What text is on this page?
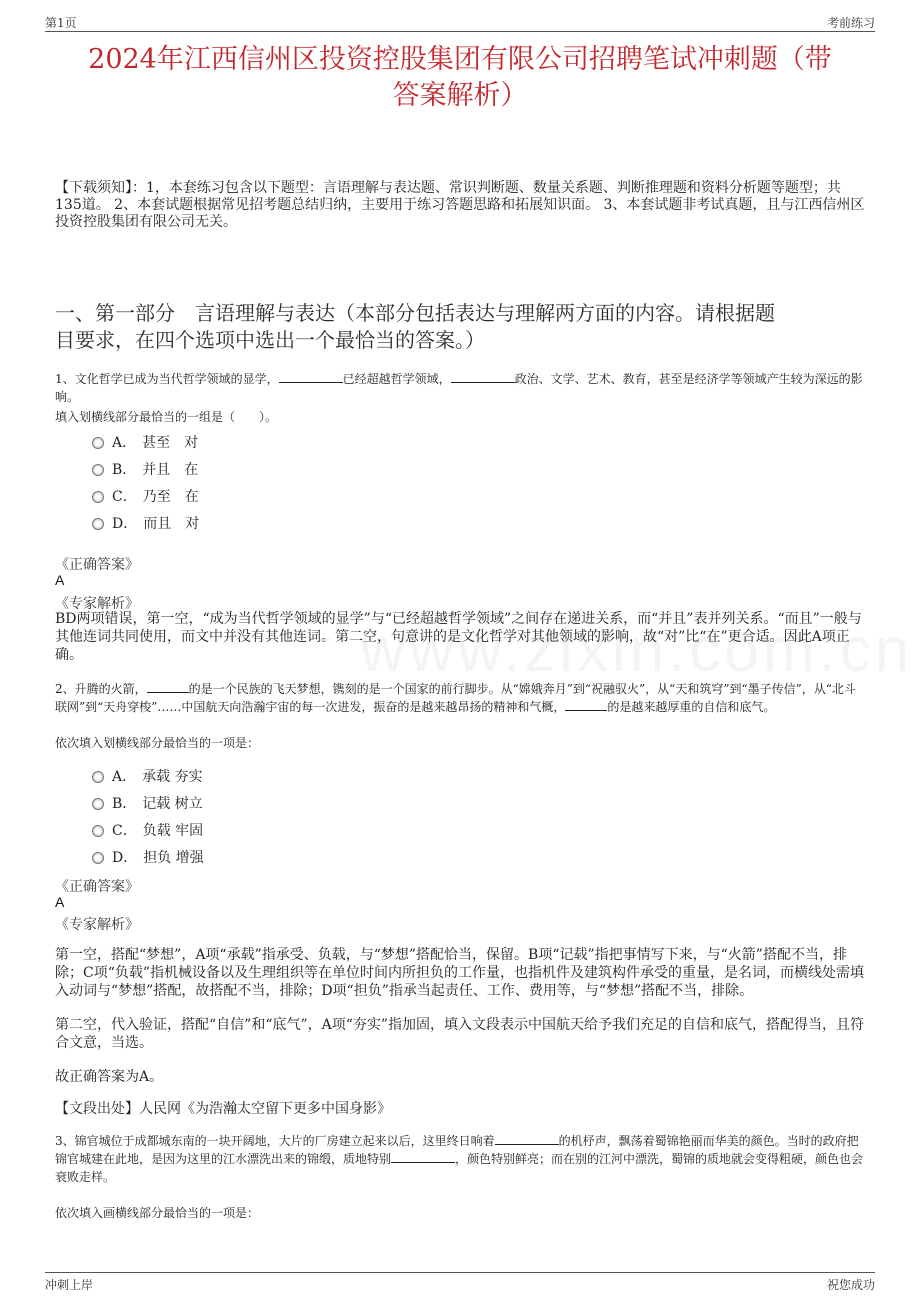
第1页	考前练习
2024年江西信州区投资控股集团有限公司招聘笔试冲刺题（带
答案解析）
【下载须知】：1，本套练习包含以下题型：言语理解与表达题、常识判断题、数量关系题、判断推理题和资料分析题等题型；共135道。 2、本套试题根据常见招考题总结归纳，主要用于练习答题思路和拓展知识面。 3、本套试题非考试真题，且与江西信州区投资控股集团有限公司无关。
一、第一部分　言语理解与表达（本部分包括表达与理解两方面的内容。请根据题
目要求，在四个选项中选出一个最恰当的答案。）
1、文化哲学已成为当代哲学领域的显学，	已经超越哲学领域，	政治、文学、艺术、教育，甚至是经济学等领域产生较为深远的影响。
填入划横线部分最恰当的一组是（　　）。
A． 甚至　对
B． 并且　在
C． 乃至　在
D． 而且　对
《正确答案》
A
《专家解析》
BD两项错误，第一空，“成为当代哲学领域的显学”与“已经超越哲学领域”之间存在递进关系，而“并且”表并列关系。“而且”一般与其他连词共同使用，而文中并没有其他连词。第二空，句意讲的是文化哲学对其他领域的影响，故“对”比“在”更合适。因此A项正确。
2、升腾的火箭，	的是一个民族的飞天梦想，镌刻的是一个国家的前行脚步。从“嫦娥奔月”到“祝融驭火”，从“天和筑穹”到“墨子传信”，从“北斗联网”到“天舟穿梭”……中国航天向浩瀚宇宙的每一次进发，振奋的是越来越昂扬的精神和气概，	的是越来越厚重的自信和底气。
依次填入划横线部分最恰当的一项是：
A． 承载 夯实
B． 记载 树立
C． 负载 牢固
D． 担负 增强
《正确答案》
A
《专家解析》
第一空，搭配“梦想”，A项“承载”指承受、负载，与“梦想”搭配恰当，保留。B项“记载”指把事情写下来，与“火箭”搭配不当，排除；C项“负载”指机械设备以及生理组织等在单位时间内所担负的工作量，也指机件及建筑构件承受的重量，是名词，而横线处需填入动词与“梦想”搭配，故搭配不当，排除；D项“担负”指承当起责任、工作、费用等，与“梦想”搭配不当，排除。
第二空，代入验证，搭配“自信”和“底气”，A项“夯实”指加固，填入文段表示中国航天给予我们充足的自信和底气，搭配得当，且符合文意，当选。
故正确答案为A。
【文段出处】人民网《为浩瀚太空留下更多中国身影》
3、锦官城位于成都城东南的一块开阔地，大片的厂房建立起来以后，这里终日响着	的机杼声，飘荡着蜀锦艳丽而华美的颜色。当时的政府把锦官城建在此地，是因为这里的江水漂洗出来的锦缎，质地特别	，颜色特别鲜亮；而在别的江河中漂洗，蜀锦的质地就会变得粗硬，颜色也会衰败走样。
依次填入画横线部分最恰当的一项是：
冲刺上岸	祝您成功
